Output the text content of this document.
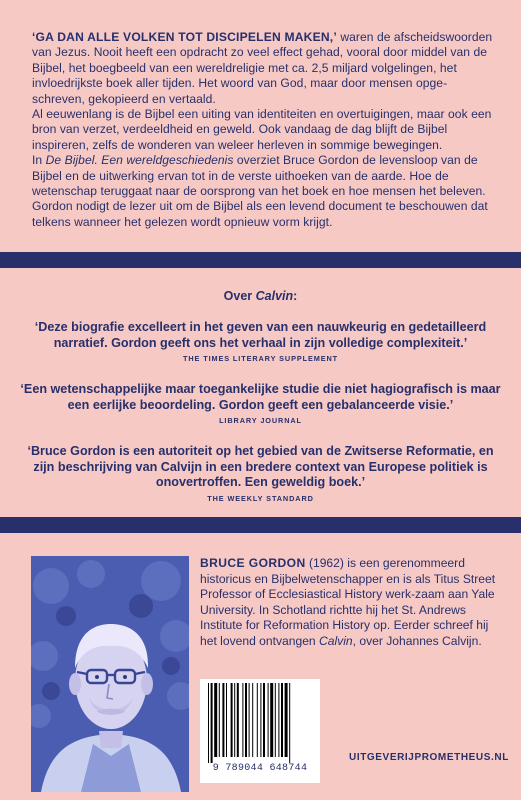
‘GA DAN ALLE VOLKEN TOT DISCIPELEN MAKEN,’ waren de afscheidswoorden van Jezus. Nooit heeft een opdracht zo veel effect gehad, vooral door middel van de Bijbel, het boegbeeld van een wereldreligie met ca. 2,5 miljard volgelingen, het invloedrijkste boek aller tijden. Het woord van God, maar door mensen opge-schreven, gekopieerd en vertaald.

Al eeuwenlang is de Bijbel een uiting van identiteiten en overtuigingen, maar ook een bron van verzet, verdeeldheid en geweld. Ook vandaag de dag blijft de Bijbel inspireren, zelfs de wonderen van weleer herleven in sommige bewegingen.

In De Bijbel. Een wereldgeschiedenis overziet Bruce Gordon de levensloop van de Bijbel en de uitwerking ervan tot in de verste uithoeken van de aarde. Hoe de wetenschap teruggaat naar de oorsprong van het boek en hoe mensen het beleven. Gordon nodigt de lezer uit om de Bijbel als een levend document te beschouwen dat telkens wanneer het gelezen wordt opnieuw vorm krijgt.

Over Calvin:

‘Deze biografie excelleert in het geven van een nauwkeurig en gedetailleerd narratief. Gordon geeft ons het verhaal in zijn volledige complexiteit.’

THE TIMES LITERARY SUPPLEMENT

‘Een wetenschappelijke maar toegankelijke studie die niet hagiografisch is maar een eerlijke beoordeling. Gordon geeft een gebalanceerde visie.’

LIBRARY JOURNAL

‘Bruce Gordon is een autoriteit op het gebied van de Zwitserse Reformatie, en zijn beschrijving van Calvijn in een bredere context van Europese politiek is onovertroffen. Een geweldig boek.’

THE WEEKLY STANDARD

BRUCE GORDON (1962) is een gerenommeerd historicus en Bijbelwetenschapper en is als Titus Street Professor of Ecclesiastical History werk-zaam aan Yale University. In Schotland richtte hij het St. Andrews Institute for Reformation History op. Eerder schreef hij het lovend ontvangen Calvin, over Johannes Calvijn.

9 789044 648744
UITGEVERIJPROMETHEUS.NL
